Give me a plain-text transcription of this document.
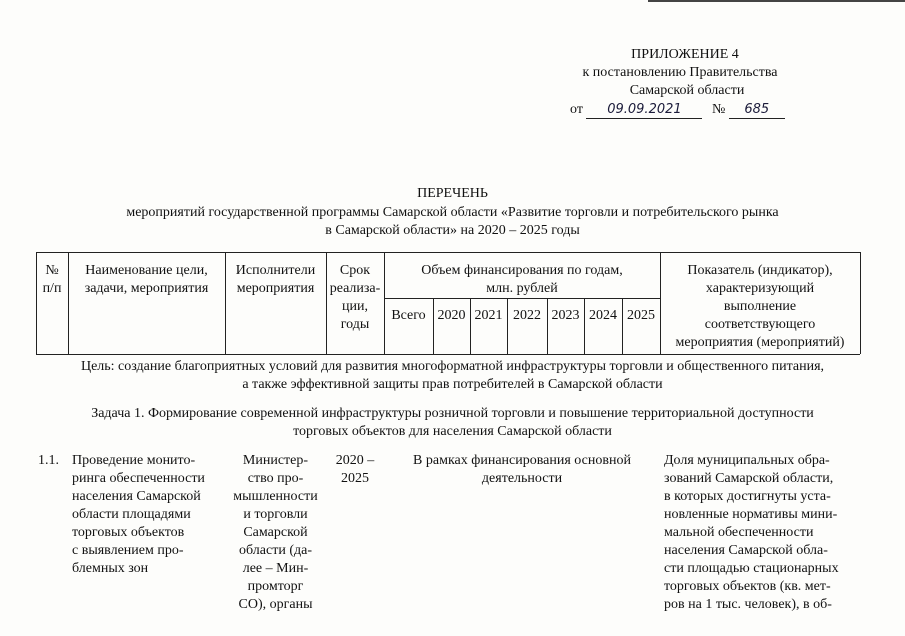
ПРИЛОЖЕНИЕ 4
к постановлению Правительства
Самарской области
от 09.09.2021 № 685
ПЕРЕЧЕНЬ
мероприятий государственной программы Самарской области «Развитие торговли и потребительского рынка
в Самарской области» на 2020 – 2025 годы
№
п/п
Наименование цели,
задачи, мероприятия
Исполнители
мероприятия
Срок
реализа-
ции,
годы
Объем финансирования по годам,
млн. рублей
Всего 2020 2021 2022 2023 2024 2025
Показатель (индикатор),
характеризующий
выполнение
соответствующего
мероприятия (мероприятий)
Цель: создание благоприятных условий для развития многоформатной инфраструктуры торговли и общественного питания,
а также эффективной защиты прав потребителей в Самарской области
Задача 1. Формирование современной инфраструктуры розничной торговли и повышение территориальной доступности
торговых объектов для населения Самарской области
1.1. Проведение монито-
ринга обеспеченности
населения Самарской
области площадями
торговых объектов
с выявлением про-
блемных зон
Министер-
ство про-
мышленности
и торговли
Самарской
области (да-
лее – Мин-
промторг
СО), органы
2020 –
2025
В рамках финансирования основной
деятельности
Доля муниципальных обра-
зований Самарской области,
в которых достигнуты уста-
новленные нормативы мини-
мальной обеспеченности
населения Самарской обла-
сти площадью стационарных
торговых объектов (кв. мет-
ров на 1 тыс. человек), в об-
